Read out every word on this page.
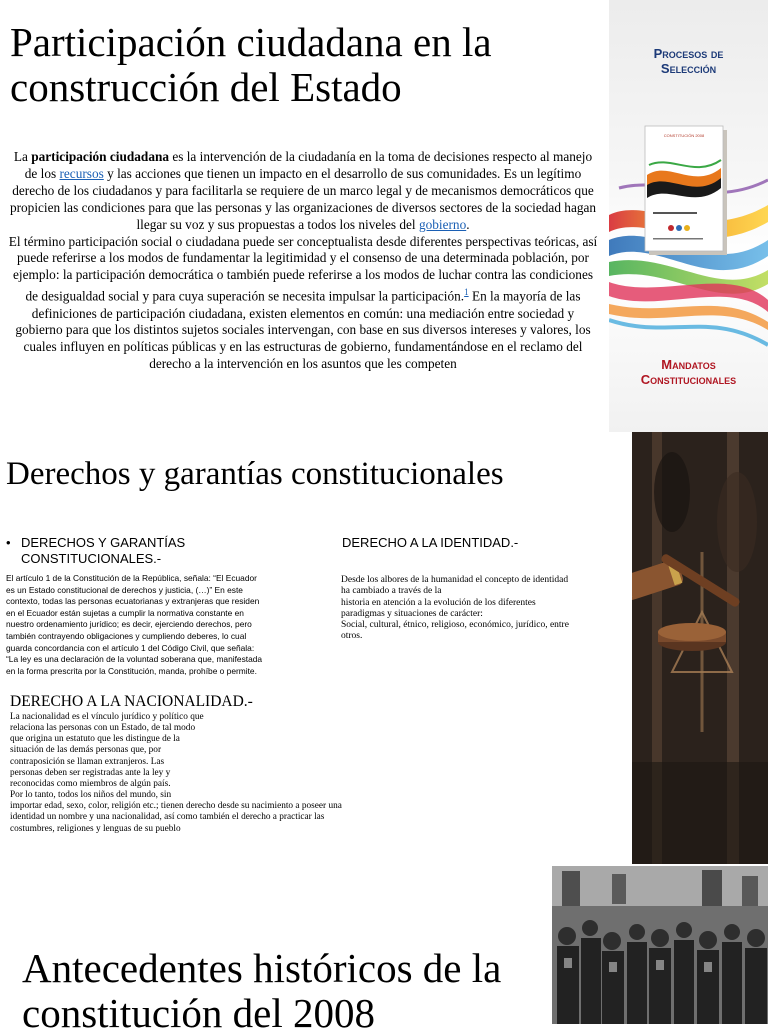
Participación ciudadana en la construcción del Estado

La participación ciudadana es la intervención de la ciudadanía en la toma de decisiones respecto al manejo de los recursos y las acciones que tienen un impacto en el desarrollo de sus comunidades. Es un legítimo derecho de los ciudadanos y para facilitarla se requiere de un marco legal y de mecanismos democráticos que propicien las condiciones para que las personas y las organizaciones de diversos sectores de la sociedad hagan llegar su voz y sus propuestas a todos los niveles del gobierno.

El término participación social o ciudadana puede ser conceptualista desde diferentes perspectivas teóricas, así puede referirse a los modos de fundamentar la legitimidad y el consenso de una determinada población, por ejemplo: la participación democrática o también puede referirse a los modos de luchar contra las condiciones de desigualdad social y para cuya superación se necesita impulsar la participación.$^1$ En la mayoría de las definiciones de participación ciudadana, existen elementos en común: una mediación entre sociedad y gobierno para que los distintos sujetos sociales intervengan, con base en sus diversos intereses y valores, los cuales influyen en políticas públicas y en las estructuras de gobierno, fundamentándose en el reclamo del derecho a la intervención en los asuntos que les competen

Procesos de
Selección
CONSTITUCIÓN 2008
Mandatos
Constitucionales
Derechos y garantías constitucionales
• DERECHOS Y GARANTÍAS
CONSTITUCIONALES.-

El artículo 1 de la Constitución de la República, señala: “El Ecuador

es un Estado constitucional de derechos y justicia, (…)” En este

contexto, todas las personas ecuatorianas y extranjeras que residen

en el Ecuador están sujetas a cumplir la normativa constante en

nuestro ordenamiento jurídico; es decir, ejerciendo derechos, pero

también contrayendo obligaciones y cumpliendo deberes, lo cual

guarda concordancia con el artículo 1 del Código Civil, que señala:

“La ley es una declaración de la voluntad soberana que, manifestada

en la forma prescrita por la Constitución, manda, prohíbe o permite.

DERECHO A LA IDENTIDAD.-

Desde los albores de la humanidad el concepto de identidad

ha cambiado a través de la

historia en atención a la evolución de los diferentes

paradigmas y situaciones de carácter:

Social, cultural, étnico, religioso, económico, jurídico, entre

otros.

DERECHO A LA NACIONALIDAD.-

La nacionalidad es el vínculo jurídico y político que

relaciona las personas con un Estado, de tal modo

que origina un estatuto que les distingue de la

situación de las demás personas que, por

contraposición se llaman extranjeros. Las

personas deben ser registradas ante la ley y

reconocidas como miembros de algún país.

Por lo tanto, todos los niños del mundo, sin

importar edad, sexo, color, religión etc.; tienen derecho desde su nacimiento a poseer una

identidad un nombre y una nacionalidad, así como también el derecho a practicar las

costumbres, religiones y lenguas de su pueblo

Antecedentes históricos de la constitución del 2008
